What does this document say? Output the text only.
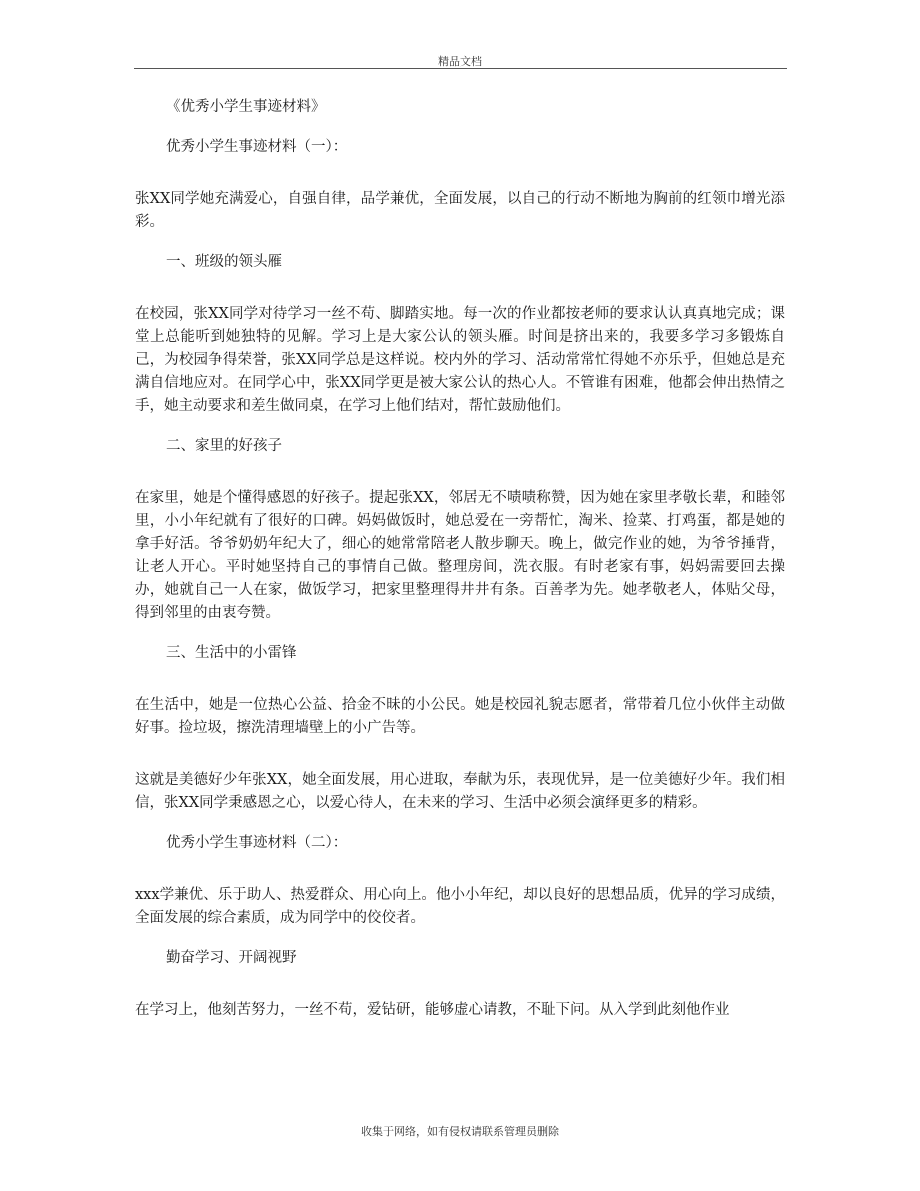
精品文档
《优秀小学生事迹材料》
优秀小学生事迹材料（一）：

张XX同学她充满爱心，自强自律，品学兼优，全面发展，以自己的行动不断地为胸前的红领巾增光添彩。

一、班级的领头雁

在校园，张XX同学对待学习一丝不苟、脚踏实地。每一次的作业都按老师的要求认认真真地完成；课堂上总能听到她独特的见解。学习上是大家公认的领头雁。时间是挤出来的，我要多学习多锻炼自己，为校园争得荣誉，张XX同学总是这样说。校内外的学习、活动常常忙得她不亦乐乎，但她总是充满自信地应对。在同学心中，张XX同学更是被大家公认的热心人。不管谁有困难，他都会伸出热情之手，她主动要求和差生做同桌，在学习上他们结对，帮忙鼓励他们。

二、家里的好孩子

在家里，她是个懂得感恩的好孩子。提起张XX，邻居无不啧啧称赞，因为她在家里孝敬长辈，和睦邻里，小小年纪就有了很好的口碑。妈妈做饭时，她总爱在一旁帮忙，淘米、捡菜、打鸡蛋，都是她的拿手好活。爷爷奶奶年纪大了，细心的她常常陪老人散步聊天。晚上，做完作业的她，为爷爷捶背，让老人开心。平时她坚持自己的事情自己做。整理房间，洗衣服。有时老家有事，妈妈需要回去操办，她就自己一人在家，做饭学习，把家里整理得井井有条。百善孝为先。她孝敬老人，体贴父母，得到邻里的由衷夸赞。

三、生活中的小雷锋

在生活中，她是一位热心公益、拾金不昧的小公民。她是校园礼貌志愿者，常带着几位小伙伴主动做好事。捡垃圾，擦洗清理墙壁上的小广告等。

这就是美德好少年张XX，她全面发展，用心进取，奉献为乐，表现优异，是一位美德好少年。我们相信，张XX同学秉感恩之心，以爱心待人，在未来的学习、生活中必须会演绎更多的精彩。

优秀小学生事迹材料（二）：

xxx学兼优、乐于助人、热爱群众、用心向上。他小小年纪，却以良好的思想品质，优异的学习成绩，全面发展的综合素质，成为同学中的佼佼者。

勤奋学习、开阔视野

在学习上，他刻苦努力，一丝不苟，爱钻研，能够虚心请教，不耻下问。从入学到此刻他作业

收集于网络，如有侵权请联系管理员删除
